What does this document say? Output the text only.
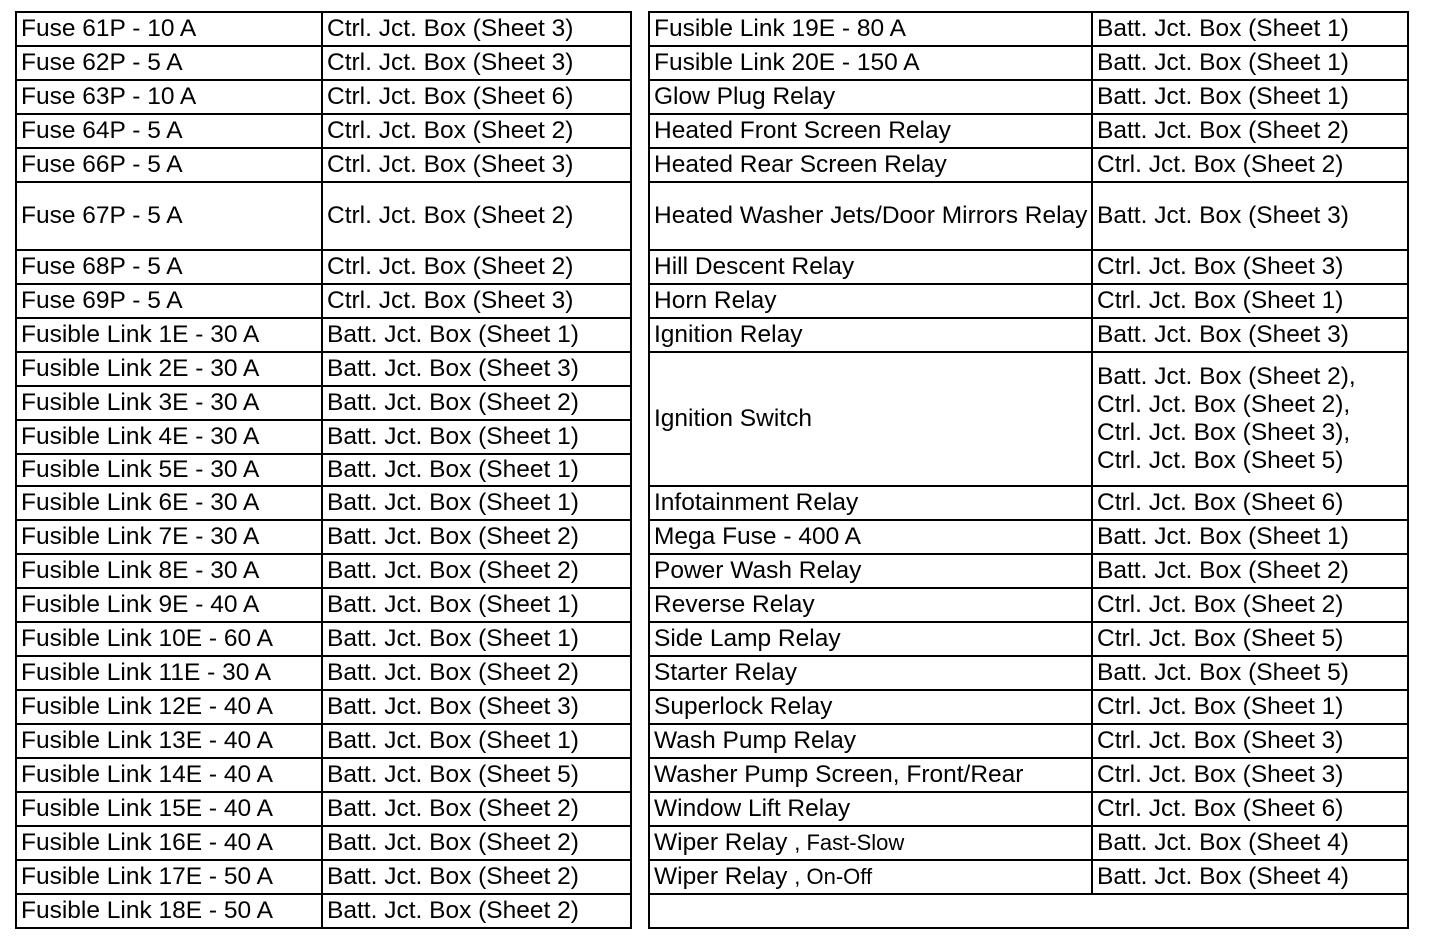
Fuse 61P - 10 A	Ctrl. Jct. Box (Sheet 3)
Fuse 62P - 5 A	Ctrl. Jct. Box (Sheet 3)
Fuse 63P - 10 A	Ctrl. Jct. Box (Sheet 6)
Fuse 64P - 5 A	Ctrl. Jct. Box (Sheet 2)
Fuse 66P - 5 A	Ctrl. Jct. Box (Sheet 3)
Fuse 67P - 5 A	Ctrl. Jct. Box (Sheet 2)
Fuse 68P - 5 A	Ctrl. Jct. Box (Sheet 2)
Fuse 69P - 5 A	Ctrl. Jct. Box (Sheet 3)
Fusible Link 1E - 30 A	Batt. Jct. Box (Sheet 1)
Fusible Link 2E - 30 A	Batt. Jct. Box (Sheet 3)
Fusible Link 3E - 30 A	Batt. Jct. Box (Sheet 2)
Fusible Link 4E - 30 A	Batt. Jct. Box (Sheet 1)
Fusible Link 5E - 30 A	Batt. Jct. Box (Sheet 1)
Fusible Link 6E - 30 A	Batt. Jct. Box (Sheet 1)
Fusible Link 7E - 30 A	Batt. Jct. Box (Sheet 2)
Fusible Link 8E - 30 A	Batt. Jct. Box (Sheet 2)
Fusible Link 9E - 40 A	Batt. Jct. Box (Sheet 1)
Fusible Link 10E - 60 A	Batt. Jct. Box (Sheet 1)
Fusible Link 11E - 30 A	Batt. Jct. Box (Sheet 2)
Fusible Link 12E - 40 A	Batt. Jct. Box (Sheet 3)
Fusible Link 13E - 40 A	Batt. Jct. Box (Sheet 1)
Fusible Link 14E - 40 A	Batt. Jct. Box (Sheet 5)
Fusible Link 15E - 40 A	Batt. Jct. Box (Sheet 2)
Fusible Link 16E - 40 A	Batt. Jct. Box (Sheet 2)
Fusible Link 17E - 50 A	Batt. Jct. Box (Sheet 2)
Fusible Link 18E - 50 A	Batt. Jct. Box (Sheet 2)
Fusible Link 19E - 80 A	Batt. Jct. Box (Sheet 1)
Fusible Link 20E - 150 A	Batt. Jct. Box (Sheet 1)
Glow Plug Relay	Batt. Jct. Box (Sheet 1)
Heated Front Screen Relay	Batt. Jct. Box (Sheet 2)
Heated Rear Screen Relay	Ctrl. Jct. Box (Sheet 2)
Heated Washer Jets/Door Mirrors Relay	Batt. Jct. Box (Sheet 3)
Hill Descent Relay	Ctrl. Jct. Box (Sheet 3)
Horn Relay	Ctrl. Jct. Box (Sheet 1)
Ignition Relay	Batt. Jct. Box (Sheet 3)
Ignition Switch	Batt. Jct. Box (Sheet 2),
Ctrl. Jct. Box (Sheet 2),
Ctrl. Jct. Box (Sheet 3),
Ctrl. Jct. Box (Sheet 5)

Infotainment Relay	Ctrl. Jct. Box (Sheet 6)
Mega Fuse - 400 A	Batt. Jct. Box (Sheet 1)
Power Wash Relay	Batt. Jct. Box (Sheet 2)
Reverse Relay	Ctrl. Jct. Box (Sheet 2)
Side Lamp Relay	Ctrl. Jct. Box (Sheet 5)
Starter Relay	Batt. Jct. Box (Sheet 5)
Superlock Relay	Ctrl. Jct. Box (Sheet 1)
Wash Pump Relay	Ctrl. Jct. Box (Sheet 3)
Washer Pump Screen, Front/Rear	Ctrl. Jct. Box (Sheet 3)
Window Lift Relay	Ctrl. Jct. Box (Sheet 6)
Wiper Relay , Fast-Slow	Batt. Jct. Box (Sheet 4)
Wiper Relay , On-Off	Batt. Jct. Box (Sheet 4)
